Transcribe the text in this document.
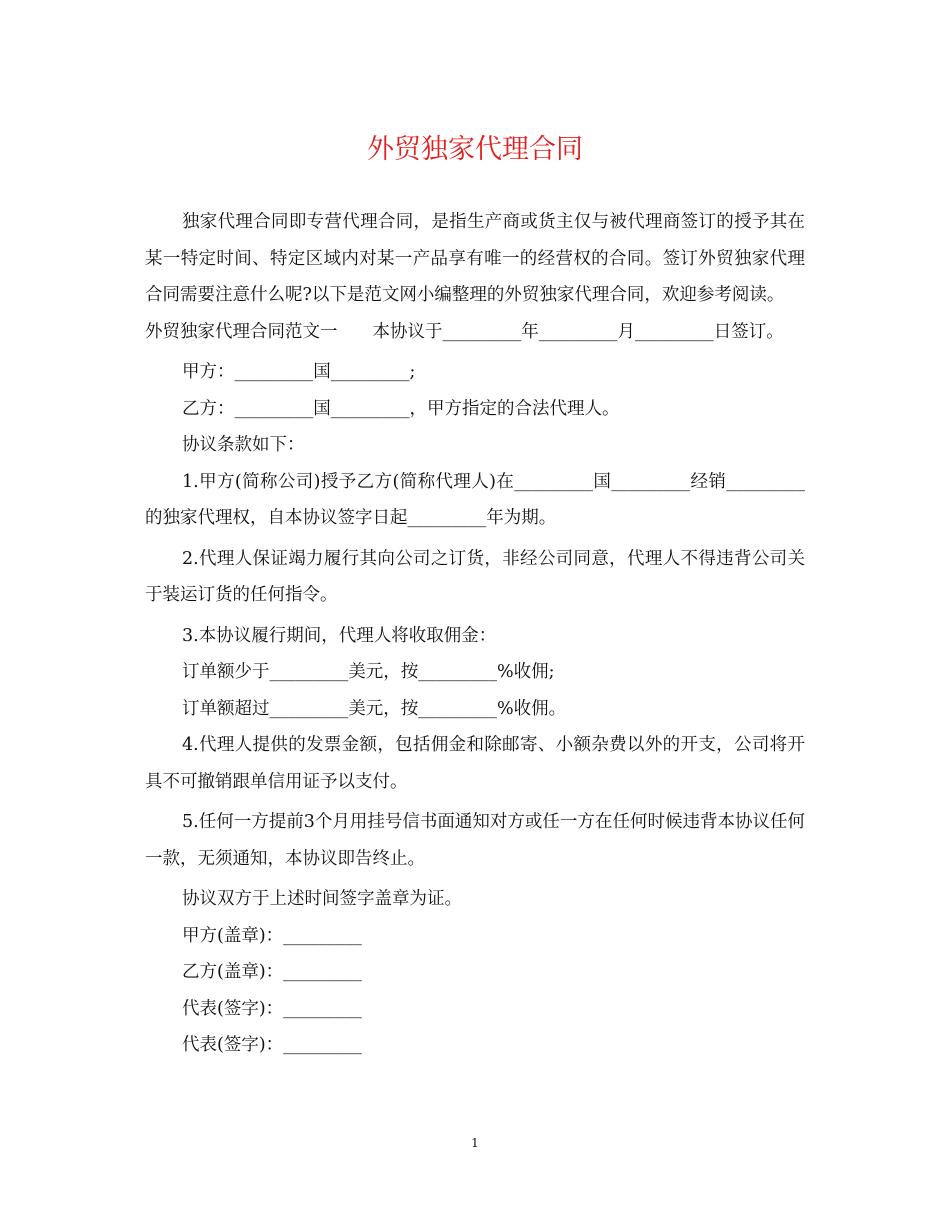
外贸独家代理合同

独家代理合同即专营代理合同，是指生产商或货主仅与被代理商签订的授予其在某一特定时间、特定区域内对某一产品享有唯一的经营权的合同。签订外贸独家代理合同需要注意什么呢?以下是范文网小编整理的外贸独家代理合同，欢迎参考阅读。

外贸独家代理合同范文一　　本协议于_________年_________月_________日签订。

甲方：_________国_________;

乙方：_________国_________，甲方指定的合法代理人。

协议条款如下：

1.甲方(简称公司)授予乙方(简称代理人)在_________国_________经销_________的独家代理权，自本协议签字日起_________年为期。

2.代理人保证竭力履行其向公司之订货，非经公司同意，代理人不得违背公司关于装运订货的任何指令。

3.本协议履行期间，代理人将收取佣金：

订单额少于_________美元，按_________%收佣;

订单额超过_________美元，按_________%收佣。

4.代理人提供的发票金额，包括佣金和除邮寄、小额杂费以外的开支，公司将开具不可撤销跟单信用证予以支付。

5.任何一方提前3个月用挂号信书面通知对方或任一方在任何时候违背本协议任何一款，无须通知，本协议即告终止。

协议双方于上述时间签字盖章为证。

甲方(盖章)：_________

乙方(盖章)：_________

代表(签字)：_________

代表(签字)：_________

1
